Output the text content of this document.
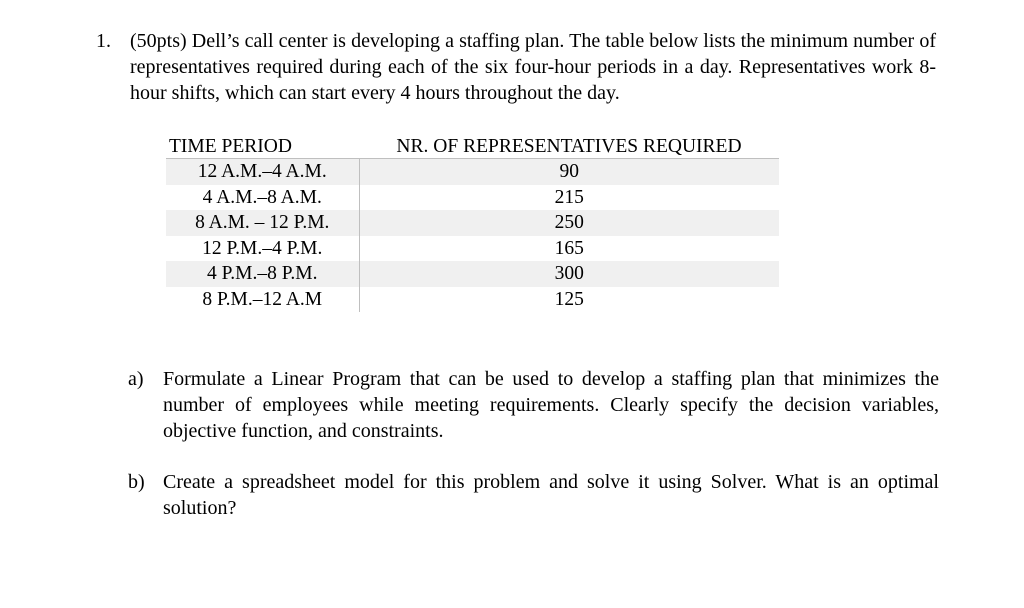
1. (50pts) Dell’s call center is developing a staffing plan. The table below lists the minimum number of representatives required during each of the six four-hour periods in a day. Representatives work 8-hour shifts, which can start every 4 hours throughout the day.
TIME PERIOD	NR. OF REPRESENTATIVES REQUIRED
12 A.M.–4 A.M.	90
4 A.M.–8 A.M.	215
8 A.M. – 12 P.M.	250
12 P.M.–4 P.M.	165
4 P.M.–8 P.M.	300
8 P.M.–12 A.M	125
a) Formulate a Linear Program that can be used to develop a staffing plan that minimizes the number of employees while meeting requirements. Clearly specify the decision variables, objective function, and constraints.
b) Create a spreadsheet model for this problem and solve it using Solver. What is an optimal solution?
